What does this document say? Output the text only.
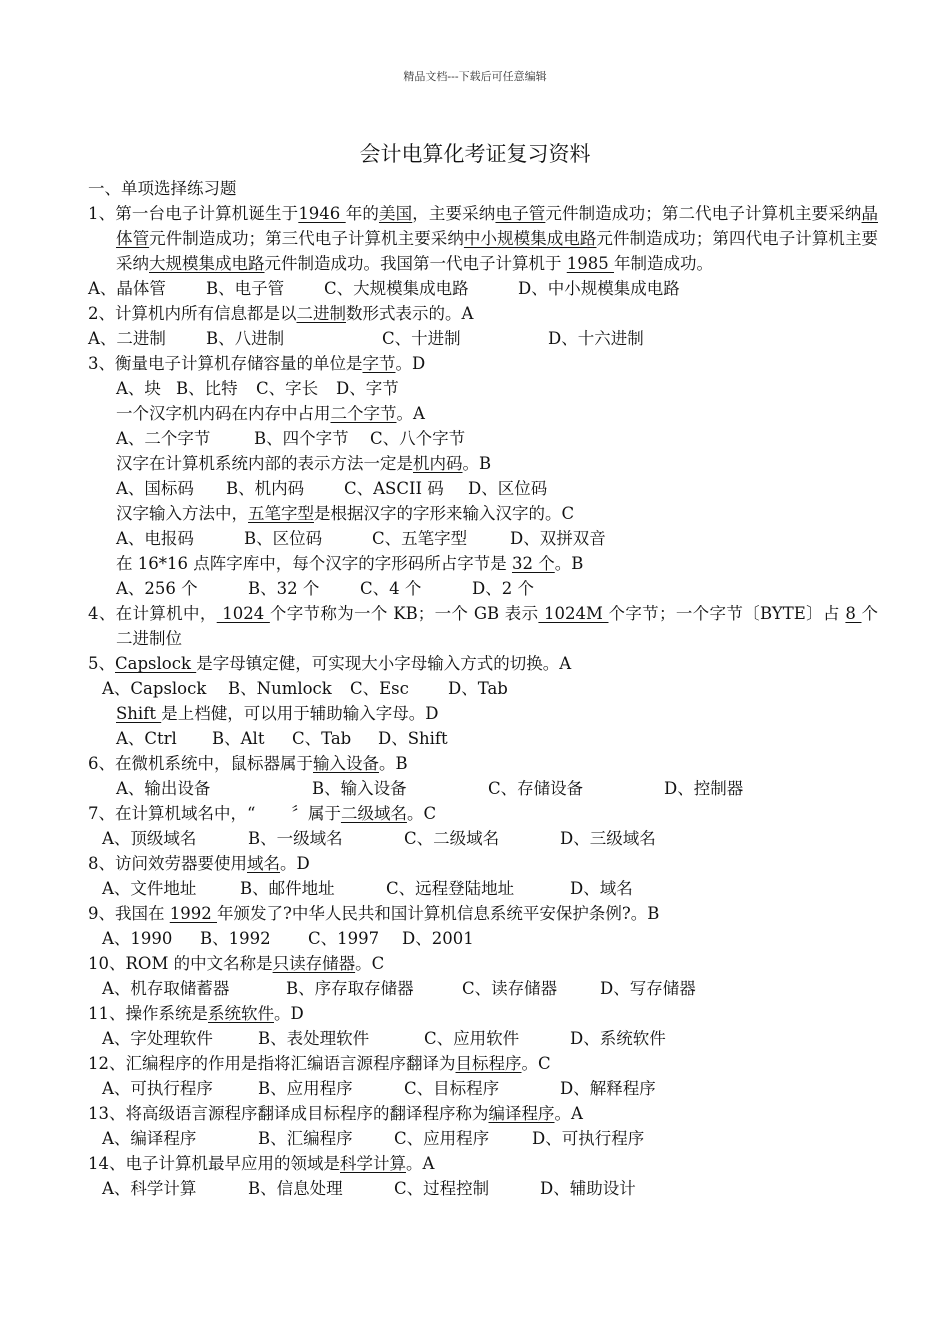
精品文档---下载后可任意编辑
会计电算化考证复习资料
一、单项选择练习题
1、第一台电子计算机诞生于1946 年的美国，主要采纳电子管元件制造成功；第二代电子计算机主要采纳晶体管元件制造成功；第三代电子计算机主要采纳中小规模集成电路元件制造成功；第四代电子计算机主要采纳大规模集成电路元件制造成功。我国第一代电子计算机于 1985 年制造成功。
A、晶体管 B、电子管 C、大规模集成电路	D、中小规模集成电路
2、计算机内所有信息都是以二进制数形式表示的。A
A、二进制 B、八进制	C、十进制	D、十六进制
3、衡量电子计算机存储容量的单位是字节。D
A、块 B、比特 C、字长 D、字节
一个汉字机内码在内存中占用二个字节。A
A、二个字节	B、四个字节 C、八个字节
汉字在计算机系统内部的表示方法一定是机内码。B
A、国标码 B、机内码 C、ASCII 码 D、区位码
汉字输入方法中，五笔字型是根据汉字的字形来输入汉字的。C
A、电报码	B、区位码	C、五笔字型	D、双拼双音
在 16*16 点阵字库中，每个汉字的字形码所占字节是 32 个。B
A、256 个	B、32 个 C、4 个	D、2 个
4、在计算机中， 1024 个字节称为一个 KB；一个 GB 表示 1024M 个字节；一个字节〔BYTE〕占 8 个二进制位
5、Capslock 是字母镇定健，可实现大小字母输入方式的切换。A
A、Capslock B、Numlock C、Esc D、Tab
Shift 是上档健，可以用于辅助输入字母。D
A、Ctrl B、Alt C、Tab D、Shift
6、在微机系统中，鼠标器属于输入设备。B
A、输出设备	B、输入设备	C、存储设备	D、控制器
7、在计算机域名中，“ 〞属于二级域名。C
A、顶级域名	B、一级域名	C、二级域名	D、三级域名
8、访问效劳器要使用域名。D
A、文件地址	B、邮件地址	C、远程登陆地址	D、域名
9、我国在 1992 年颁发了?中华人民共和国计算机信息系统平安保护条例?。B
A、1990 B、1992 C、1997 D、2001
10、ROM 的中文名称是只读存储器。C
A、机存取储蓄器	B、序存取存储器	C、读存储器	D、写存储器
11、操作系统是系统软件。D
A、字处理软件	B、表处理软件	C、应用软件	D、系统软件
12、汇编程序的作用是指将汇编语言源程序翻译为目标程序。C
A、可执行程序	B、应用程序	C、目标程序	D、解释程序
13、将高级语言源程序翻译成目标程序的翻译程序称为编译程序。A
A、编译程序	B、汇编程序	C、应用程序	D、可执行程序
14、电子计算机最早应用的领域是科学计算。A
A、科学计算	B、信息处理	C、过程控制	D、辅助设计
